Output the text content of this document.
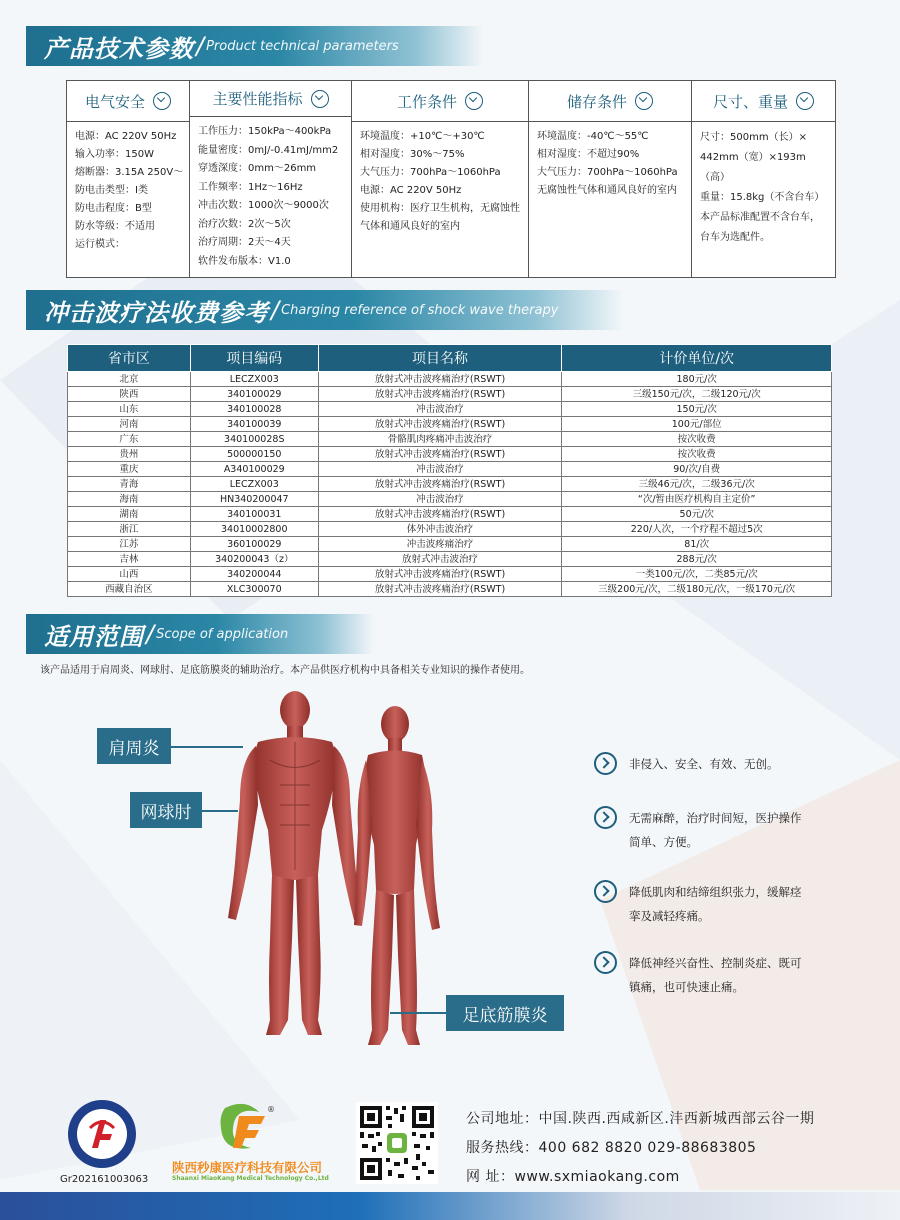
产品技术参数 / Product technical parameters
电气安全
电源：AC 220V 50Hz
输入功率：150W
熔断器：3.15A 250V～
防电击类型：I类
防电击程度：B型
防水等级：不适用
运行模式：
主要性能指标
工作压力：150kPa～400kPa
能量密度：0mJ/-0.41mJ/mm2
穿透深度：0mm～26mm
工作频率：1Hz～16Hz
冲击次数：1000次～9000次
治疗次数：2次～5次
治疗周期：2天～4天
软件发布版本：V1.0
工作条件
环境温度：+10℃～+30℃
相对湿度：30%～75%
大气压力：700hPa～1060hPa
电源：AC 220V 50Hz
使用机构：医疗卫生机构，无腐蚀性气体和通风良好的室内
储存条件
环境温度：-40℃～55℃
相对湿度：不超过90%
大气压力：700hPa～1060hPa
无腐蚀性气体和通风良好的室内
尺寸、重量
尺寸：500mm（长）× 442mm（宽）×193m（高）
重量：15.8kg（不含台车）
本产品标准配置不含台车，台车为选配件。
冲击波疗法收费参考 / Charging reference of shock wave therapy
省市区	项目编码	项目名称	计价单位/次
北京	LECZX003	放射式冲击波疼痛治疗(RSWT)	180元/次
陕西	340100029	放射式冲击波疼痛治疗(RSWT)	三级150元/次，二级120元/次
山东	340100028	冲击波治疗	150元/次
河南	340100039	放射式冲击波疼痛治疗(RSWT)	100元/部位
广东	340100028S	骨骼肌肉疼痛冲击波治疗	按次收费
贵州	500000150	放射式冲击波疼痛治疗(RSWT)	按次收费
重庆	A340100029	冲击波治疗	90/次/自费
青海	LECZX003	放射式冲击波疼痛治疗(RSWT)	三级46元/次，二级36元/次
海南	HN340200047	冲击波治疗	“次/暂由医疗机构自主定价”
湖南	340100031	放射式冲击波疼痛治疗(RSWT)	50元/次
浙江	34010002800	体外冲击波治疗	220/人次，一个疗程不超过5次
江苏	360100029	冲击波疼痛治疗	81/次
吉林	340200043（z）	放射式冲击波治疗	288元/次
山西	340200044	放射式冲击波疼痛治疗(RSWT)	一类100元/次，二类85元/次
西藏自治区	XLC300070	放射式冲击波疼痛治疗(RSWT)	三级200元/次，二级180元/次，一级170元/次
适用范围 / Scope of application
该产品适用于肩周炎、网球肘、足底筋膜炎的辅助治疗。本产品供医疗机构中具备相关专业知识的操作者使用。
肩周炎
网球肘
足底筋膜炎
非侵入、安全、有效、无创。
无需麻醉，治疗时间短，医护操作简单、方便。
降低肌肉和结缔组织张力，缓解痉挛及减轻疼痛。
降低神经兴奋性、控制炎症、既可镇痛，也可快速止痛。
Gr202161003063
®
陕西秒康医疗科技有限公司
Shaanxi MiaoKang Medical Technology Co.,Ltd
公司地址：中国.陕西.西咸新区.沣西新城西部云谷一期
服务热线：400 682 8820 029-88683805
网 址：www.sxmiaokang.com
